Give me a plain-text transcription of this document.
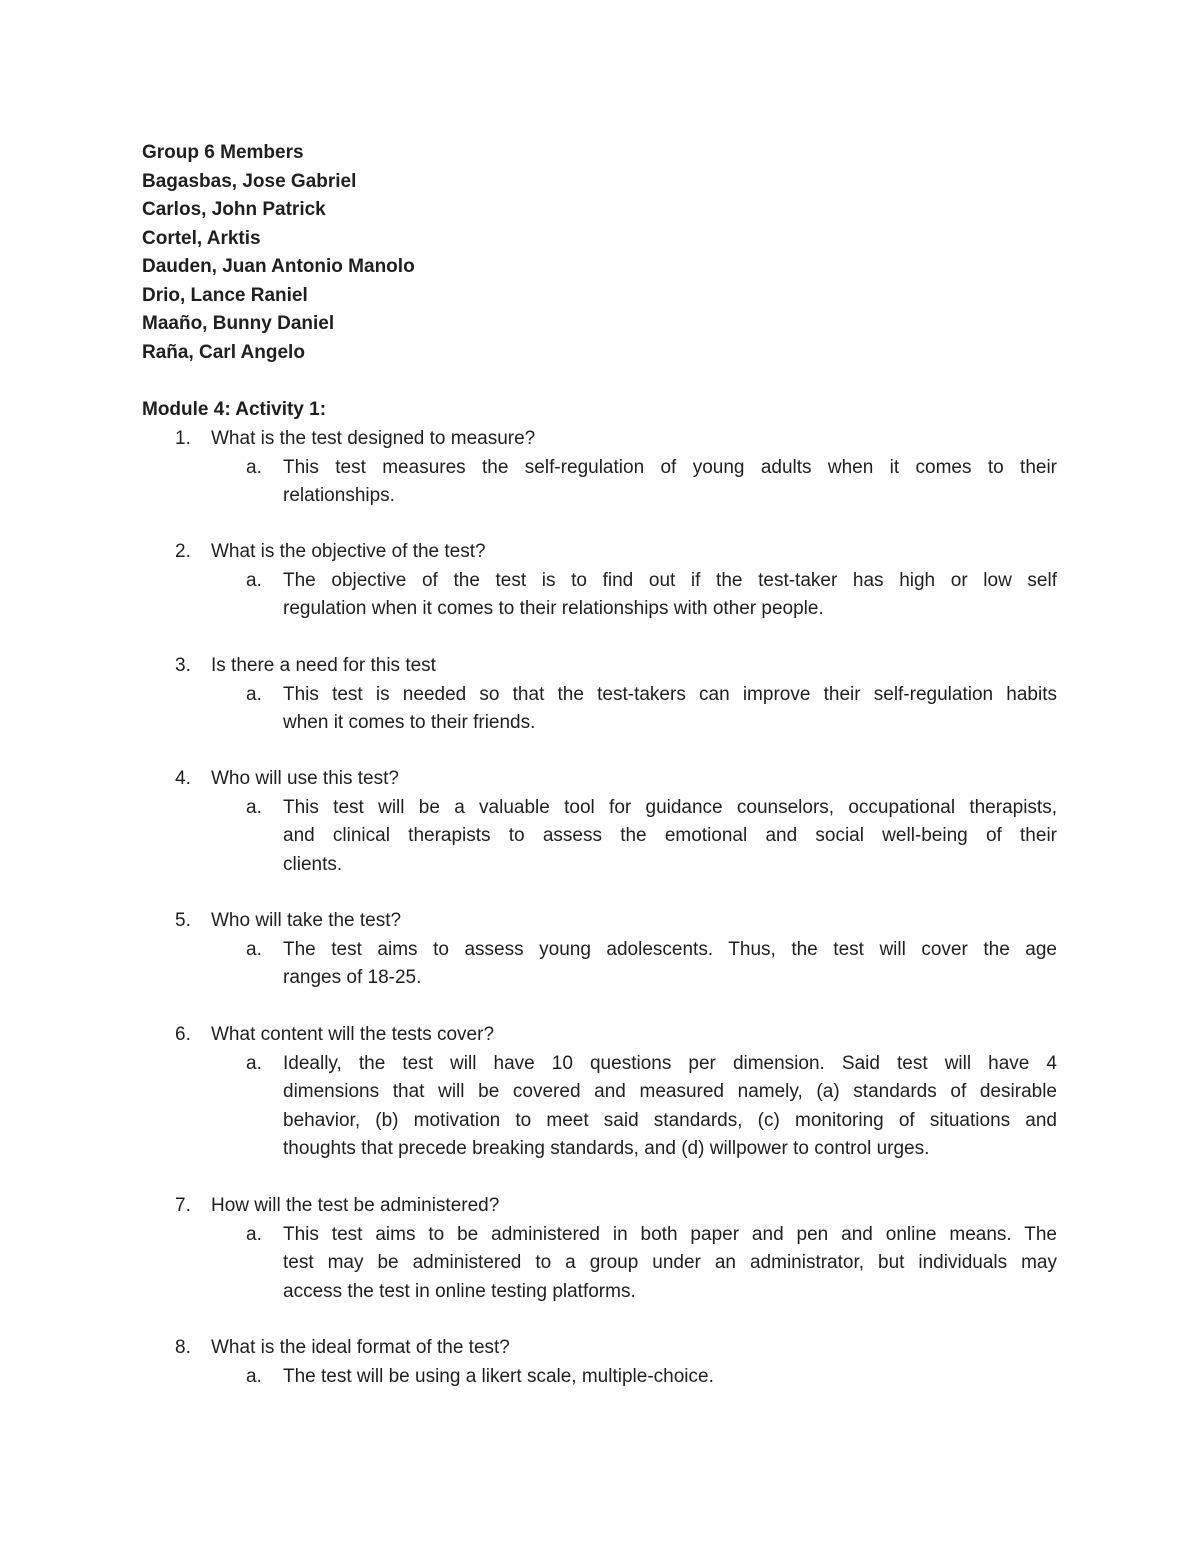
Group 6 Members
Bagasbas, Jose Gabriel
Carlos, John Patrick
Cortel, Arktis
Dauden, Juan Antonio Manolo
Drio, Lance Raniel
Maaño, Bunny Daniel
Raña, Carl Angelo
Module 4: Activity 1:
1. What is the test designed to measure?
a. This test measures the self-regulation of young adults when it comes to their
relationships.
2. What is the objective of the test?
a. The objective of the test is to find out if the test-taker has high or low self
regulation when it comes to their relationships with other people.
3. Is there a need for this test
a. This test is needed so that the test-takers can improve their self-regulation habits
when it comes to their friends.
4. Who will use this test?
a. This test will be a valuable tool for guidance counselors, occupational therapists,
and clinical therapists to assess the emotional and social well-being of their
clients.
5. Who will take the test?
a. The test aims to assess young adolescents. Thus, the test will cover the age
ranges of 18-25.
6. What content will the tests cover?
a. Ideally, the test will have 10 questions per dimension. Said test will have 4
dimensions that will be covered and measured namely, (a) standards of desirable
behavior, (b) motivation to meet said standards, (c) monitoring of situations and
thoughts that precede breaking standards, and (d) willpower to control urges.
7. How will the test be administered?
a. This test aims to be administered in both paper and pen and online means. The
test may be administered to a group under an administrator, but individuals may
access the test in online testing platforms.
8. What is the ideal format of the test?
a. The test will be using a likert scale, multiple-choice.
